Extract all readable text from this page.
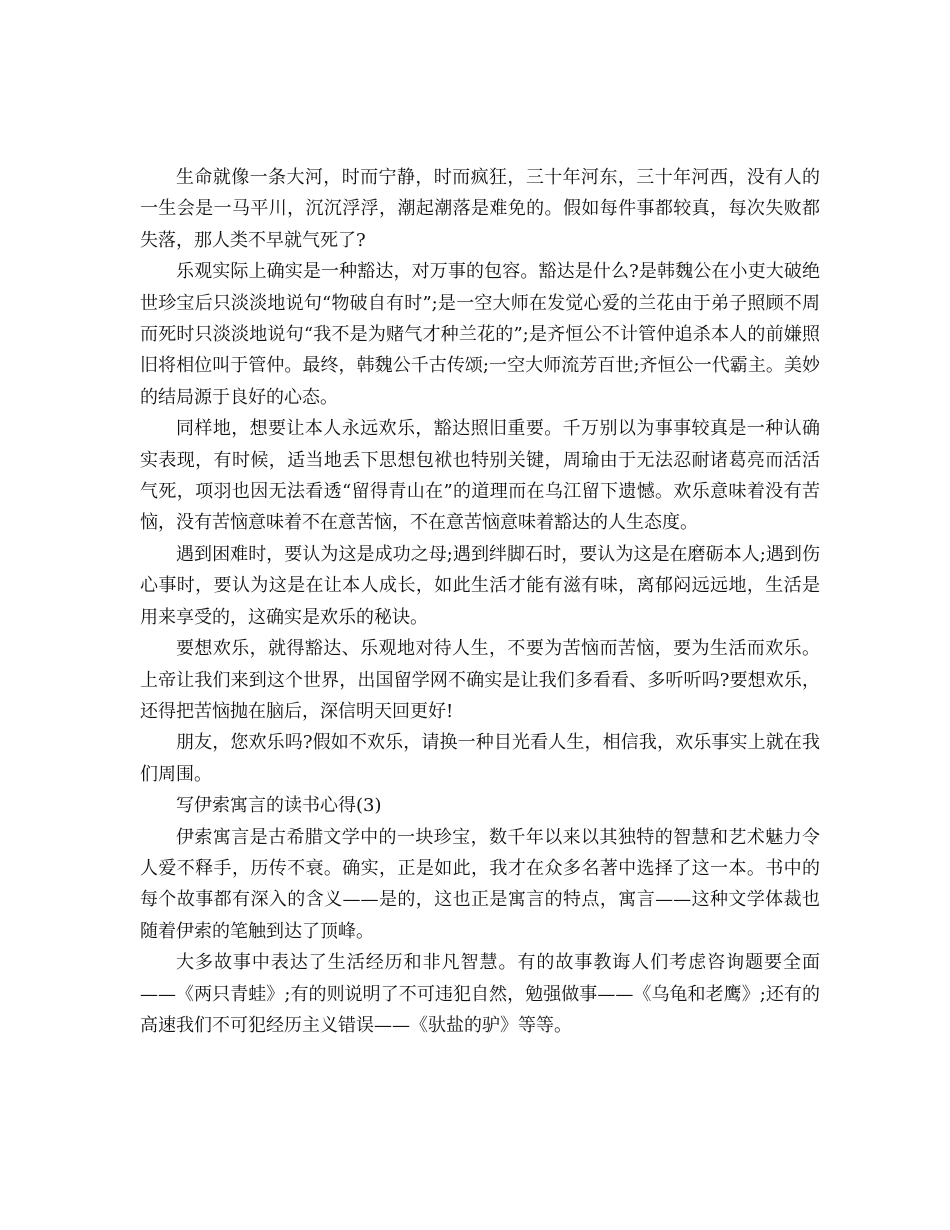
生命就像一条大河，时而宁静，时而疯狂，三十年河东，三十年河西，没有人的一生会是一马平川，沉沉浮浮，潮起潮落是难免的。假如每件事都较真，每次失败都失落，那人类不早就气死了?

乐观实际上确实是一种豁达，对万事的包容。豁达是什么?是韩魏公在小吏大破绝世珍宝后只淡淡地说句“物破自有时”;是一空大师在发觉心爱的兰花由于弟子照顾不周而死时只淡淡地说句“我不是为赌气才种兰花的”;是齐恒公不计管仲追杀本人的前嫌照旧将相位叫于管仲。最终，韩魏公千古传颂;一空大师流芳百世;齐恒公一代霸主。美妙的结局源于良好的心态。

同样地，想要让本人永远欢乐，豁达照旧重要。千万别以为事事较真是一种认确实表现，有时候，适当地丢下思想包袱也特别关键，周瑜由于无法忍耐诸葛亮而活活气死，项羽也因无法看透“留得青山在”的道理而在乌江留下遗憾。欢乐意味着没有苦恼，没有苦恼意味着不在意苦恼，不在意苦恼意味着豁达的人生态度。

遇到困难时，要认为这是成功之母;遇到绊脚石时，要认为这是在磨砺本人;遇到伤心事时，要认为这是在让本人成长，如此生活才能有滋有味，离郁闷远远地，生活是用来享受的，这确实是欢乐的秘诀。

要想欢乐，就得豁达、乐观地对待人生，不要为苦恼而苦恼，要为生活而欢乐。上帝让我们来到这个世界，出国留学网不确实是让我们多看看、多听听吗?要想欢乐，还得把苦恼抛在脑后，深信明天回更好!

朋友，您欢乐吗?假如不欢乐，请换一种目光看人生，相信我，欢乐事实上就在我们周围。

写伊索寓言的读书心得(3)

伊索寓言是古希腊文学中的一块珍宝，数千年以来以其独特的智慧和艺术魅力令人爱不释手，历传不衰。确实，正是如此，我才在众多名著中选择了这一本。书中的每个故事都有深入的含义——是的，这也正是寓言的特点，寓言——这种文学体裁也随着伊索的笔触到达了顶峰。

大多故事中表达了生活经历和非凡智慧。有的故事教诲人们考虑咨询题要全面——《两只青蛙》;有的则说明了不可违犯自然，勉强做事——《乌龟和老鹰》;还有的高速我们不可犯经历主义错误——《驮盐的驴》等等。
